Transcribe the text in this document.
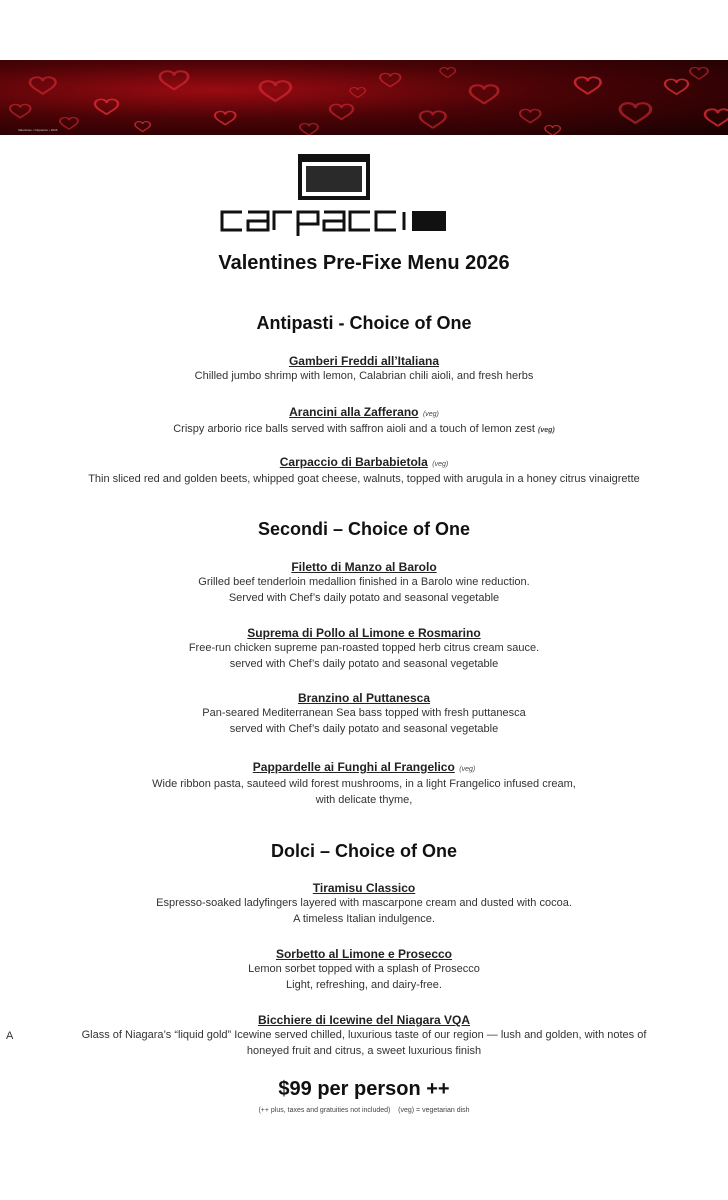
Valentines • Carpaccio • 2026
Valentines Pre-Fixe Menu 2026
Antipasti - Choice of One
Gamberi Freddi all’Italiana
Chilled jumbo shrimp with lemon, Calabrian chili aioli, and fresh herbs
Arancini alla Zafferano (veg)
Crispy arborio rice balls served with saffron aioli and a touch of lemon zest (veg)
Carpaccio di Barbabietola (veg)
Thin sliced red and golden beets, whipped goat cheese, walnuts, topped with arugula in a honey citrus vinaigrette
Secondi – Choice of One
Filetto di Manzo al Barolo
Grilled beef tenderloin medallion finished in a Barolo wine reduction.
Served with Chef’s daily potato and seasonal vegetable
Suprema di Pollo al Limone e Rosmarino
Free-run chicken supreme pan-roasted topped herb citrus cream sauce.
served with Chef’s daily potato and seasonal vegetable
Branzino al Puttanesca
Pan-seared Mediterranean Sea bass topped with fresh puttanesca
served with Chef’s daily potato and seasonal vegetable
Pappardelle ai Funghi al Frangelico (veg)
Wide ribbon pasta, sauteed wild forest mushrooms, in a light Frangelico infused cream,
with delicate thyme,
Dolci – Choice of One
Tiramisu Classico
Espresso-soaked ladyfingers layered with mascarpone cream and dusted with cocoa.
A timeless Italian indulgence.
Sorbetto al Limone e Prosecco
Lemon sorbet topped with a splash of Prosecco
Light, refreshing, and dairy-free.
Bicchiere di Icewine del Niagara VQA
Glass of Niagara’s “liquid gold” Icewine served chilled, luxurious taste of our region — lush and golden, with notes of
honeyed fruit and citrus, a sweet luxurious finish
A
$99 per person ++
(++ plus, taxes and gratuities not included)    (veg) = vegetarian dish
